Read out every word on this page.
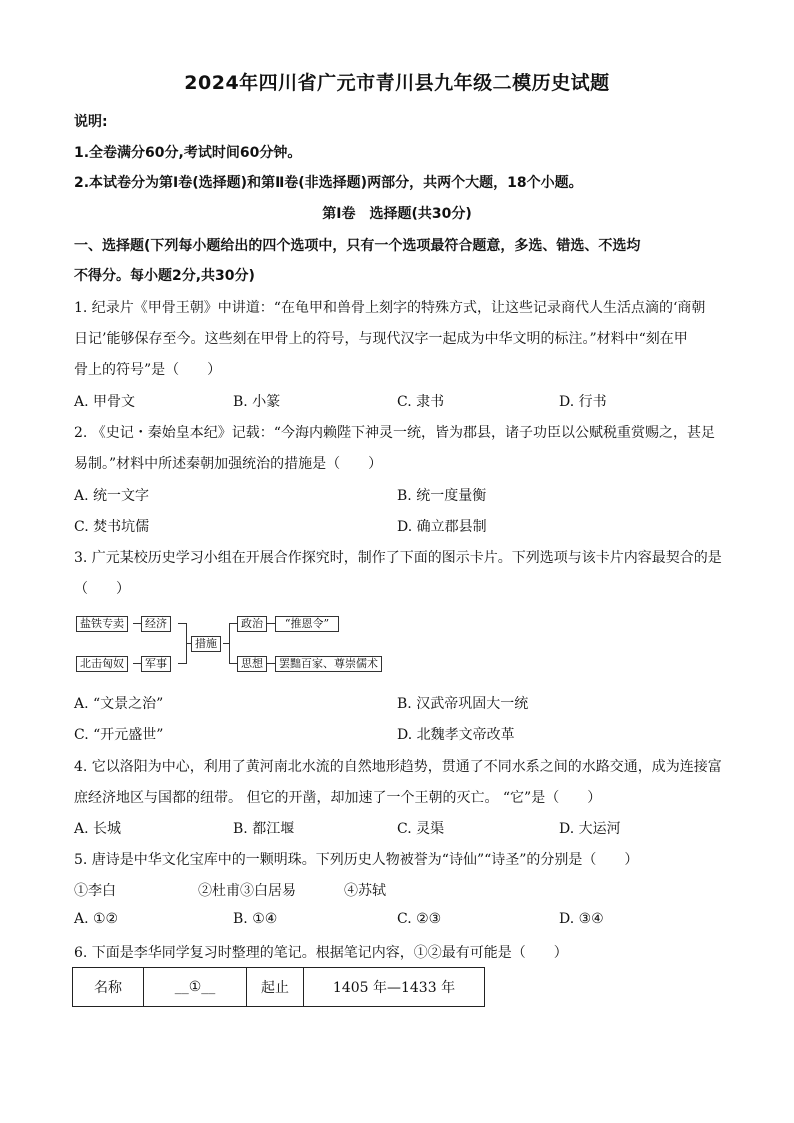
2024年四川省广元市青川县九年级二模历史试题
说明:
1.全卷满分60分,考试时间60分钟。
2.本试卷分为第Ⅰ卷(选择题)和第Ⅱ卷(非选择题)两部分，共两个大题，18个小题。
第Ⅰ卷　选择题(共30分)
一、选择题(下列每小题给出的四个选项中，只有一个选项最符合题意，多选、错选、不选均
不得分。每小题2分,共30分)
1. 纪录片《甲骨王朝》中讲道：“在龟甲和兽骨上刻字的特殊方式，让这些记录商代人生活点滴的‘商朝
日记’能够保存至今。这些刻在甲骨上的符号，与现代汉字一起成为中华文明的标注。”材料中“刻在甲
骨上的符号”是（　　）
A. 甲骨文	B. 小篆	C. 隶书	D. 行书
2. 《史记・秦始皇本纪》记载：“今海内赖陛下神灵一统，皆为郡县，诸子功臣以公赋税重赏赐之，甚足
易制。”材料中所述秦朝加强统治的措施是（　　）
A. 统一文字	B. 统一度量衡
C. 焚书坑儒	D. 确立郡县制
3. 广元某校历史学习小组在开展合作探究时，制作了下面的图示卡片。下列选项与该卡片内容最契合的是
（　　）
盐铁专卖	经济
北击匈奴	军事
措施
政治	“推恩令”
思想	罢黜百家、尊崇儒术
A. “文景之治”	B. 汉武帝巩固大一统
C. “开元盛世”	D. 北魏孝文帝改革
4. 它以洛阳为中心，利用了黄河南北水流的自然地形趋势，贯通了不同水系之间的水路交通，成为连接富
庶经济地区与国都的纽带。 但它的开凿，却加速了一个王朝的灭亡。 “它”是（　　）
A. 长城	B. 都江堰	C. 灵渠	D. 大运河
5. 唐诗是中华文化宝库中的一颗明珠。下列历史人物被誉为“诗仙”“诗圣”的分别是（　　）
①李白	②杜甫③白居易	④苏轼
A. ①②	B. ①④	C. ②③	D. ③④
6. 下面是李华同学复习时整理的笔记。根据笔记内容，①②最有可能是（　　）
名称	__①__	起止	1405 年—1433 年
